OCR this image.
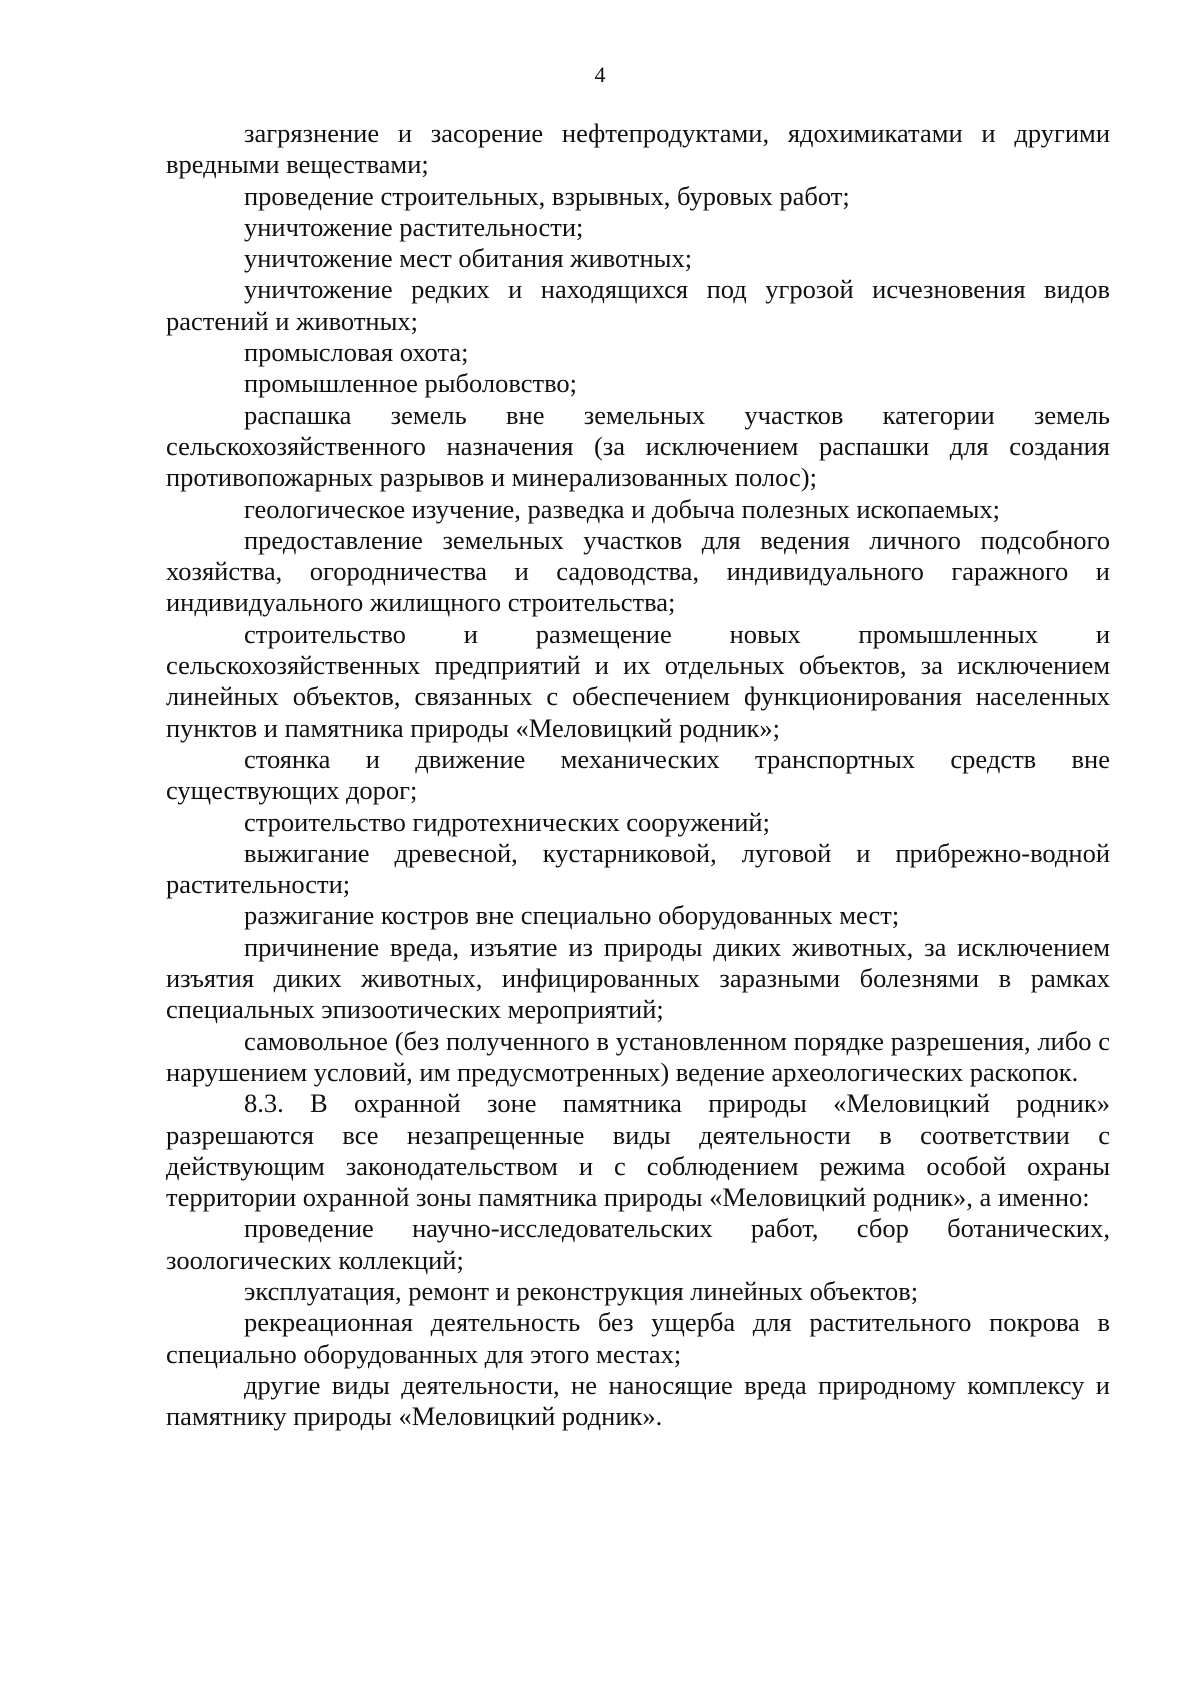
4

загрязнение и засорение нефтепродуктами, ядохимикатами и другими вредными веществами;

проведение строительных, взрывных, буровых работ;

уничтожение растительности;

уничтожение мест обитания животных;

уничтожение редких и находящихся под угрозой исчезновения видов растений и животных;

промысловая охота;

промышленное рыболовство;

распашка земель вне земельных участков категории земель сельскохозяйственного назначения (за исключением распашки для создания противопожарных разрывов и минерализованных полос);

геологическое изучение, разведка и добыча полезных ископаемых;

предоставление земельных участков для ведения личного подсобного хозяйства, огородничества и садоводства, индивидуального гаражного и индивидуального жилищного строительства;

строительство и размещение новых промышленных и сельскохозяйственных предприятий и их отдельных объектов, за исключением линейных объектов, связанных с обеспечением функционирования населенных пунктов и памятника природы «Меловицкий родник»;

стоянка и движение механических транспортных средств вне существующих дорог;

строительство гидротехнических сооружений;

выжигание древесной, кустарниковой, луговой и прибрежно-водной растительности;

разжигание костров вне специально оборудованных мест;

причинение вреда, изъятие из природы диких животных, за исключением изъятия диких животных, инфицированных заразными болезнями в рамках специальных эпизоотических мероприятий;

самовольное (без полученного в установленном порядке разрешения, либо с нарушением условий, им предусмотренных) ведение археологических раскопок.

8.3. В охранной зоне памятника природы «Меловицкий родник» разрешаются все незапрещенные виды деятельности в соответствии с действующим законодательством и с соблюдением режима особой охраны территории охранной зоны памятника природы «Меловицкий родник», а именно:

проведение научно-исследовательских работ, сбор ботанических, зоологических коллекций;

эксплуатация, ремонт и реконструкция линейных объектов;

рекреационная деятельность без ущерба для растительного покрова в специально оборудованных для этого местах;

другие виды деятельности, не наносящие вреда природному комплексу и памятнику природы «Меловицкий родник».
